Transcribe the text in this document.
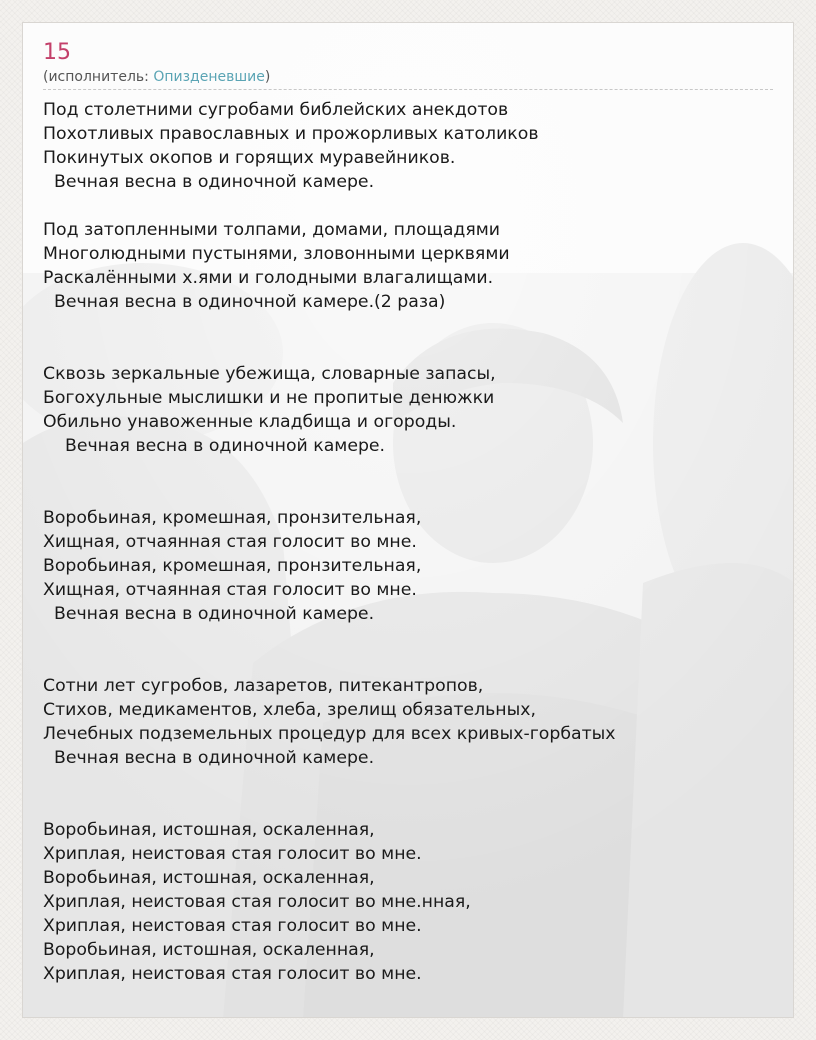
15
(исполнитель: Опизденевшие)
Под столетними сугробами библейских анекдотов
Похотливых православных и прожорливых католиков
Покинутых окопов и горящих муравейников.
Вечная весна в одиночной камере.
Под затопленными толпами, домами, площадями
Многолюдными пустынями, зловонными церквями
Раскалёнными х.ями и голодными влагалищами.
Вечная весна в одиночной камере.(2 раза)
Сквозь зеркальные убежища, словарные запасы,
Богохульные мыслишки и не пропитые денюжки
Обильно унавоженные кладбища и огороды.
Вечная весна в одиночной камере.
Воробьиная, кромешная, пронзительная,
Хищная, отчаянная стая голосит во мне.
Воробьиная, кромешная, пронзительная,
Хищная, отчаянная стая голосит во мне.
Вечная весна в одиночной камере.
Сотни лет сугробов, лазаретов, питекантропов,
Стихов, медикаментов, хлеба, зрелищ обязательных,
Лечебных подземельных процедур для всех кривых-горбатых
Вечная весна в одиночной камере.
Воробьиная, истошная, оскаленная,
Хриплая, неистовая стая голосит во мне.
Воробьиная, истошная, оскаленная,
Хриплая, неистовая стая голосит во мне.нная,
Хриплая, неистовая стая голосит во мне.
Воробьиная, истошная, оскаленная,
Хриплая, неистовая стая голосит во мне.
